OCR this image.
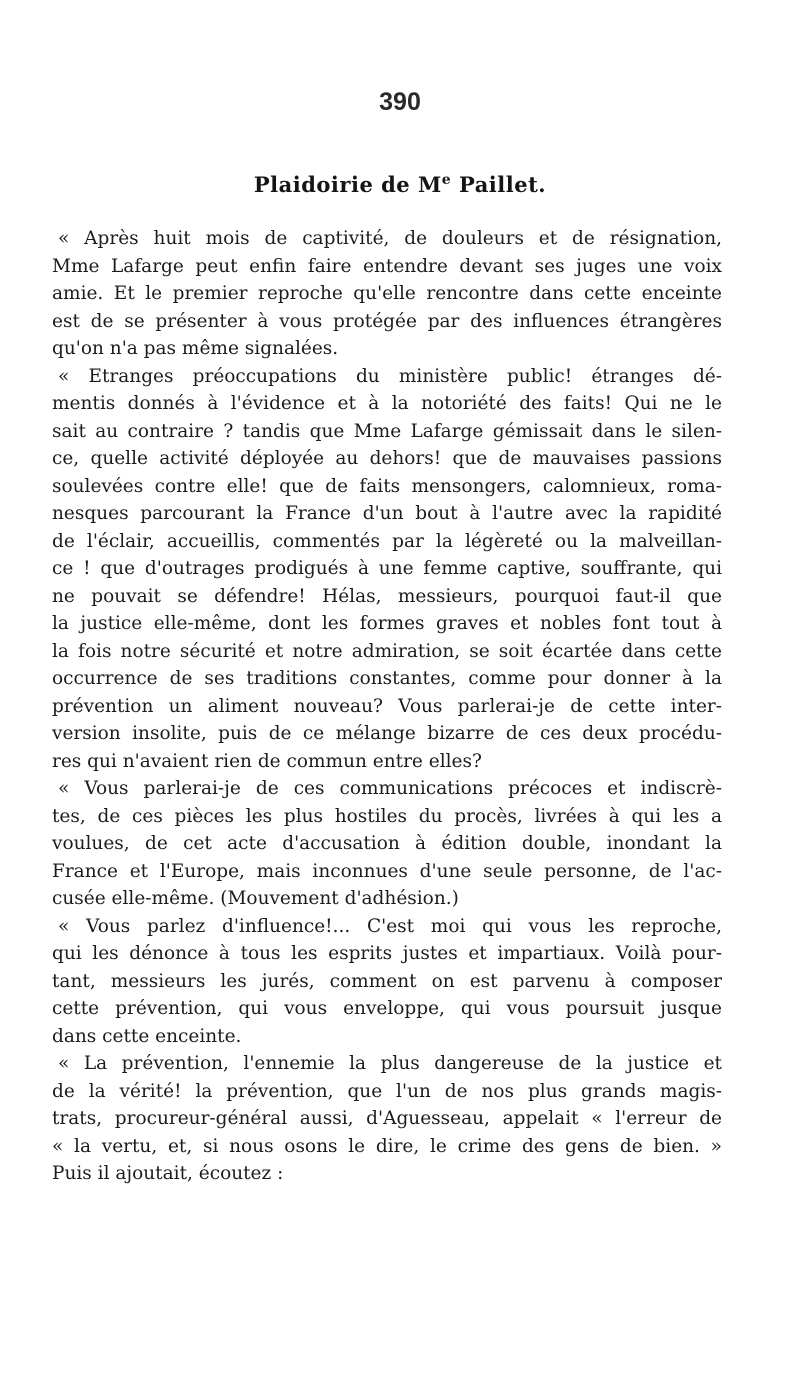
390
Plaidoirie de Me Paillet.
« Après huit mois de captivité, de douleurs et de résignation,
Mme Lafarge peut enfin faire entendre devant ses juges une voix
amie. Et le premier reproche qu'elle rencontre dans cette enceinte
est de se présenter à vous protégée par des influences étrangères
qu'on n'a pas même signalées.
« Etranges préoccupations du ministère public! étranges dé-
mentis donnés à l'évidence et à la notoriété des faits! Qui ne le
sait au contraire ? tandis que Mme Lafarge gémissait dans le silen-
ce, quelle activité déployée au dehors! que de mauvaises passions
soulevées contre elle! que de faits mensongers, calomnieux, roma-
nesques parcourant la France d'un bout à l'autre avec la rapidité
de l'éclair, accueillis, commentés par la légèreté ou la malveillan-
ce ! que d'outrages prodigués à une femme captive, souffrante, qui
ne pouvait se défendre! Hélas, messieurs, pourquoi faut-il que
la justice elle-même, dont les formes graves et nobles font tout à
la fois notre sécurité et notre admiration, se soit écartée dans cette
occurrence de ses traditions constantes, comme pour donner à la
prévention un aliment nouveau? Vous parlerai-je de cette inter-
version insolite, puis de ce mélange bizarre de ces deux procédu-
res qui n'avaient rien de commun entre elles?
« Vous parlerai-je de ces communications précoces et indiscrè-
tes, de ces pièces les plus hostiles du procès, livrées à qui les a
voulues, de cet acte d'accusation à édition double, inondant la
France et l'Europe, mais inconnues d'une seule personne, de l'ac-
cusée elle-même. (Mouvement d'adhésion.)
« Vous parlez d'influence!... C'est moi qui vous les reproche,
qui les dénonce à tous les esprits justes et impartiaux. Voilà pour-
tant, messieurs les jurés, comment on est parvenu à composer
cette prévention, qui vous enveloppe, qui vous poursuit jusque
dans cette enceinte.
« La prévention, l'ennemie la plus dangereuse de la justice et
de la vérité! la prévention, que l'un de nos plus grands magis-
trats, procureur-général aussi, d'Aguesseau, appelait « l'erreur de
« la vertu, et, si nous osons le dire, le crime des gens de bien. »
Puis il ajoutait, écoutez :
